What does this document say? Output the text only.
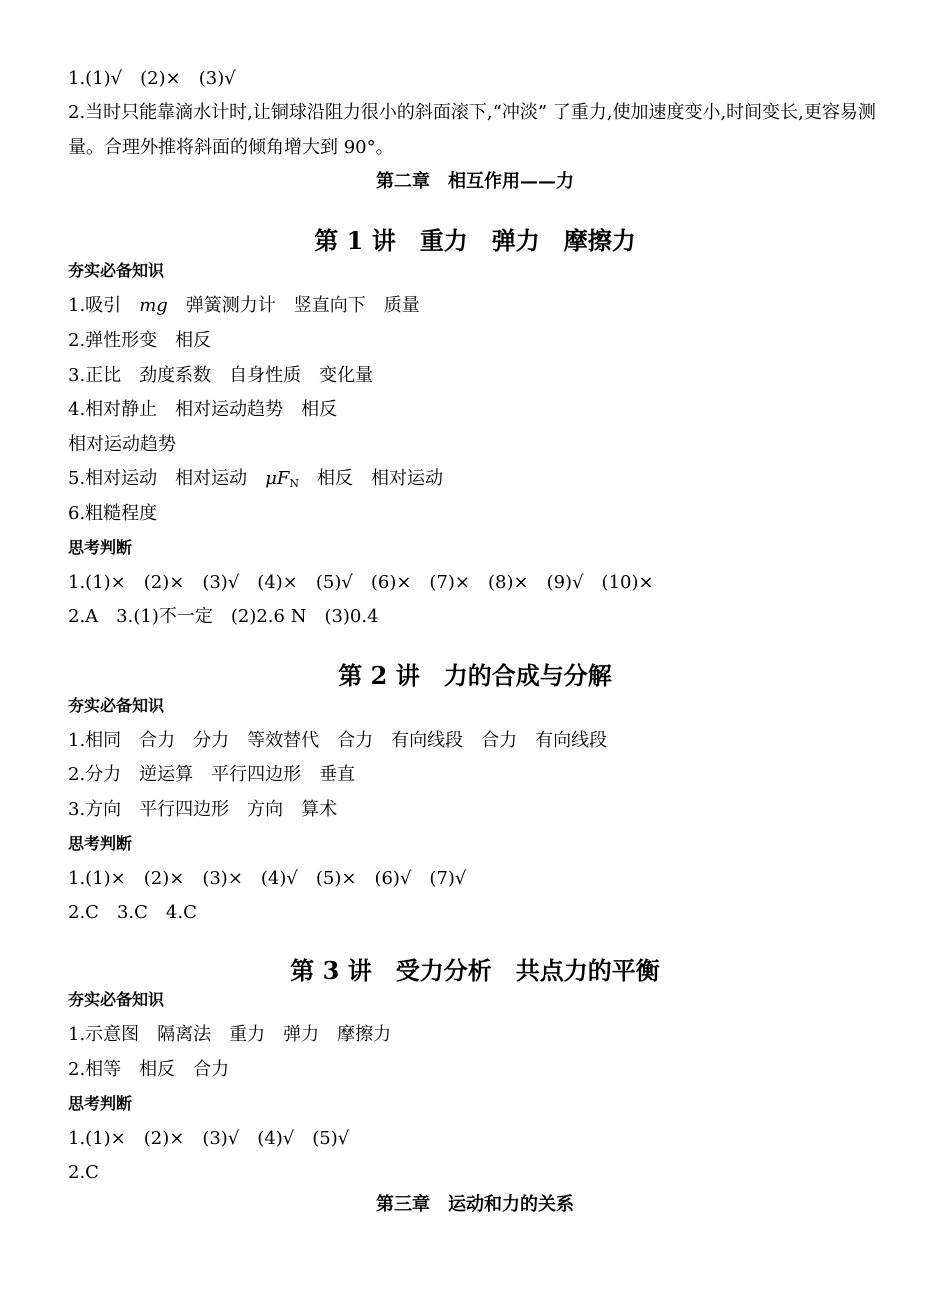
1.(1)√　(2)×　(3)√
2.当时只能靠滴水计时,让铜球沿阻力很小的斜面滚下,“冲淡” 了重力,使加速度变小,时间变长,更容易测量。合理外推将斜面的倾角增大到 90°。
第二章　相互作用——力
第 1 讲　重力　弹力　摩擦力
夯实必备知识
1.吸引　mg　弹簧测力计　竖直向下　质量
2.弹性形变　相反
3.正比　劲度系数　自身性质　变化量
4.相对静止　相对运动趋势　相反
相对运动趋势
5.相对运动　相对运动　$\mu F_N$　相反　相对运动
6.粗糙程度
思考判断
1.(1)×　(2)×　(3)√　(4)×　(5)√　(6)×　(7)×　(8)×　(9)√　(10)×
2.A　3.(1)不一定　(2)2.6 N　(3)0.4
第 2 讲　力的合成与分解
夯实必备知识
1.相同　合力　分力　等效替代　合力　有向线段　合力　有向线段
2.分力　逆运算　平行四边形　垂直
3.方向　平行四边形　方向　算术
思考判断
1.(1)×　(2)×　(3)×　(4)√　(5)×　(6)√　(7)√
2.C　3.C　4.C
第 3 讲　受力分析　共点力的平衡
夯实必备知识
1.示意图　隔离法　重力　弹力　摩擦力
2.相等　相反　合力
思考判断
1.(1)×　(2)×　(3)√　(4)√　(5)√
2.C
第三章　运动和力的关系
